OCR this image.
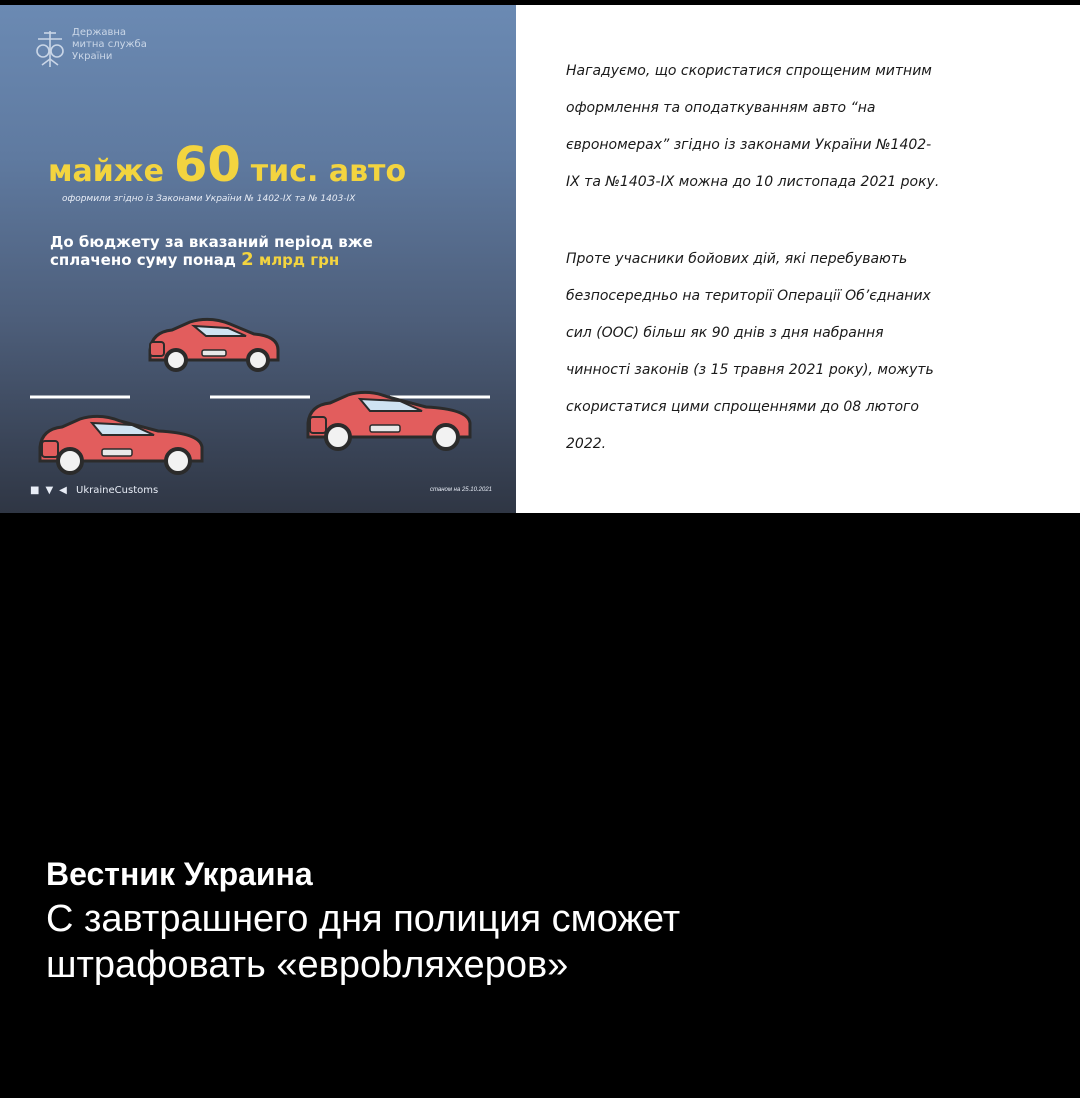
Державна
митна служба
України
майже 60 тис. авто
оформили згідно із Законами України № 1402-ІХ та № 1403-ІХ
До бюджету за вказаний період вже
сплачено суму понад 2 млрд грн
■ ▼ ◀ UkraineCustoms	станом на 25.10.2021

Нагадуємо, що скористатися спрощеним митним

оформлення та оподаткуванням авто “на

єврономерах” згідно із законами України №1402-

ІХ та №1403-ІХ можна до 10 листопада 2021 року.

Проте учасники бойових дій, які перебувають

безпосередньо на території Операції Об’єднаних

сил (ООС) більш як 90 днів з дня набрання

чинності законів (з 15 травня 2021 року), можуть

скористатися цими спрощеннями до 08 лютого

2022.

Вестник Украина
С завтрашнего дня полиция сможет
штрафовать «еврobляхеров»
